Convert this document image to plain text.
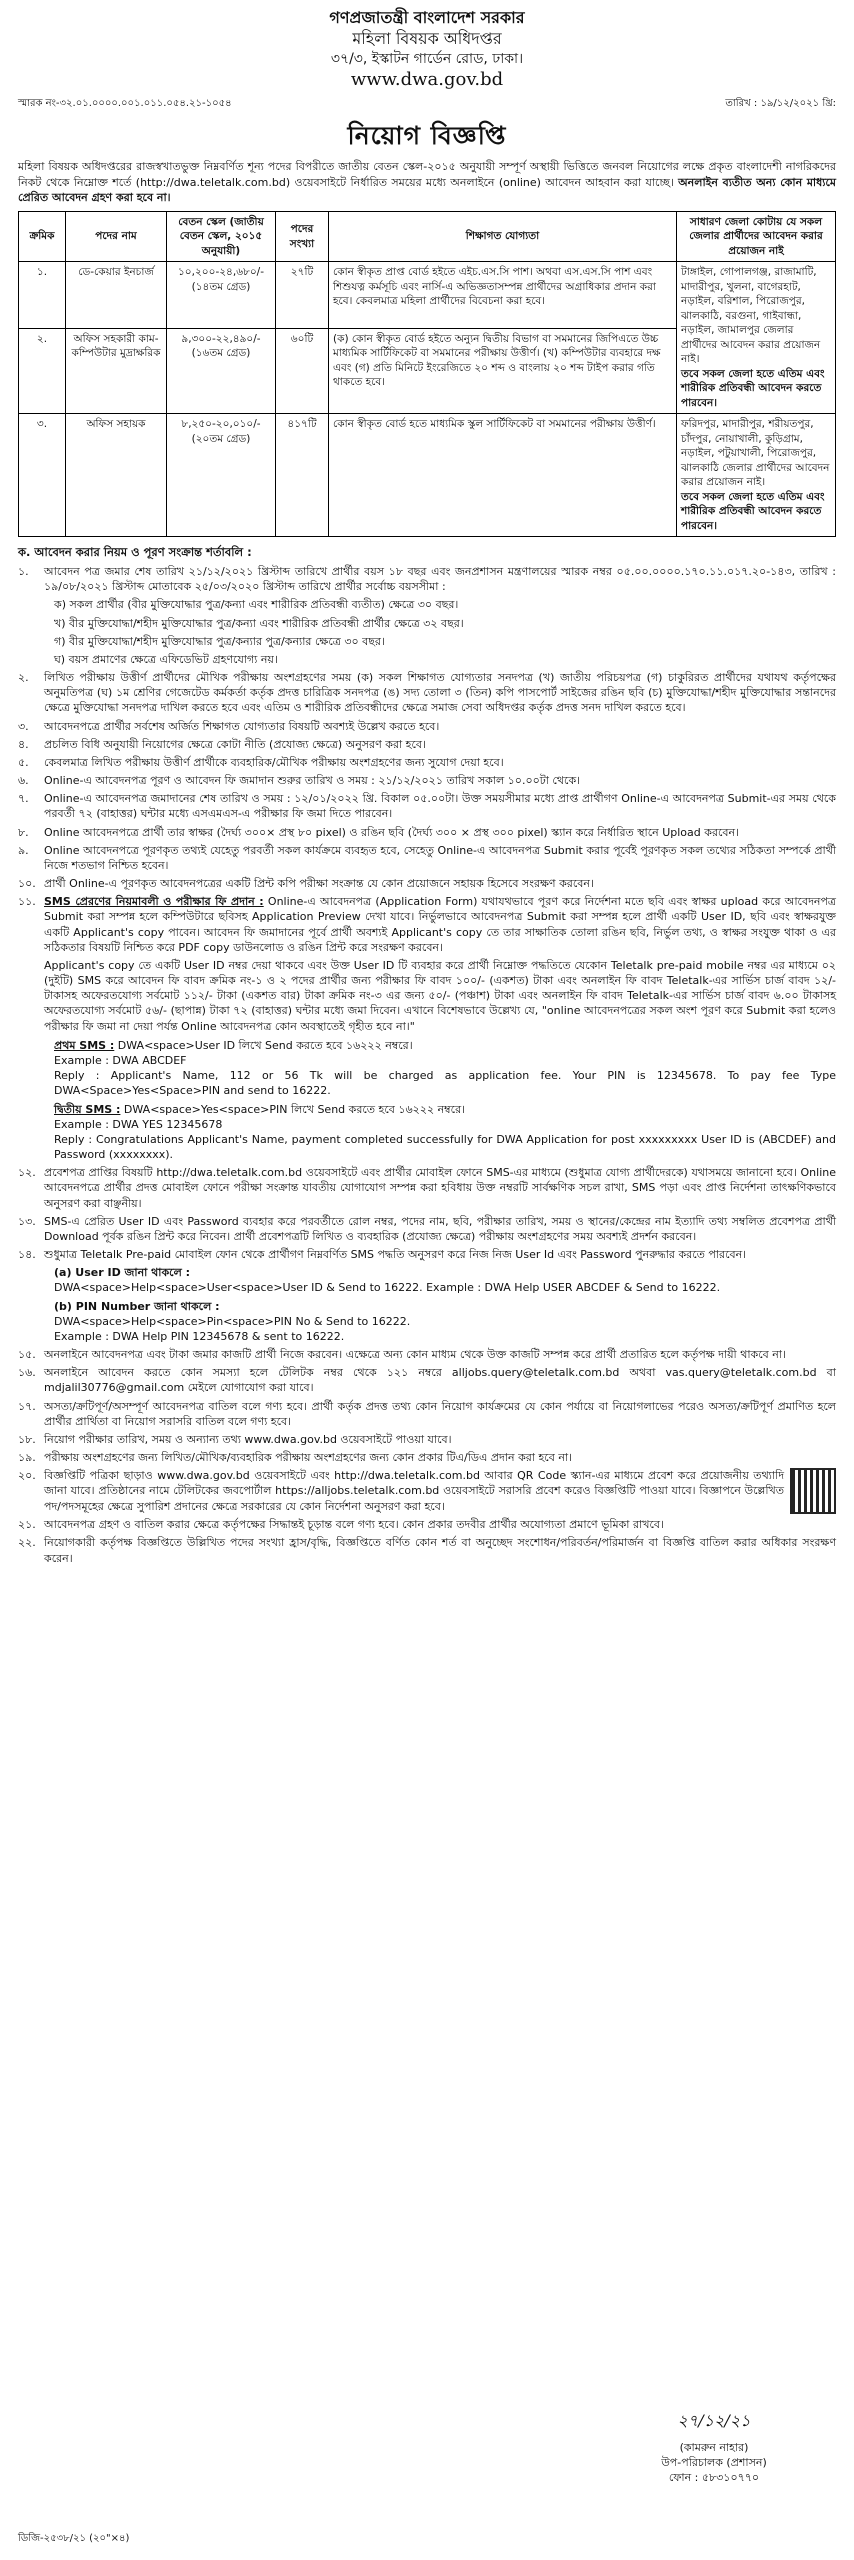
গণপ্রজাতন্ত্রী বাংলাদেশ সরকার
মহিলা বিষয়ক অধিদপ্তর
৩৭/৩, ইস্কাটন গার্ডেন রোড, ঢাকা।
www.dwa.gov.bd
স্মারক নং-৩২.০১.০০০০.০০১.০১১.০৫৪.২১-১০৫৪	তারিখ : ১৯/১২/২০২১ খ্রি:
নিয়োগ বিজ্ঞপ্তি
মহিলা বিষয়ক অধিদপ্তরের রাজস্বখাতভুক্ত নিম্নবর্ণিত শূন্য পদের বিপরীতে জাতীয় বেতন স্কেল-২০১৫ অনুযায়ী সম্পূর্ণ অস্থায়ী ভিত্তিতে জনবল নিয়োগের লক্ষে প্রকৃত বাংলাদেশী নাগরিকদের নিকট থেকে নিম্নোক্ত শর্তে (http://dwa.teletalk.com.bd) ওয়েবসাইটে নির্ধারিত সময়ের মধ্যে অনলাইনে (online) আবেদন আহবান করা যাচ্ছে। অনলাইন ব্যতীত অন্য কোন মাধ্যমে প্রেরিত আবেদন গ্রহণ করা হবে না।
ক্রমিক	পদের নাম	বেতন স্কেল (জাতীয় বেতন স্কেল, ২০১৫ অনুযায়ী)	পদের সংখ্যা	শিক্ষাগত যোগ্যতা	সাধারণ জেলা কোটায় যে সকল জেলার প্রার্থীদের আবেদন করার প্রয়োজন নাই
১.	ডে-কেয়ার ইনচার্জ	১০,২০০-২৪,৬৮০/- (১৪তম গ্রেড)	২৭টি	কোন স্বীকৃত প্রাপ্ত বোর্ড হইতে এইচ.এস.সি পাশ। অথবা এস.এস.সি পাশ এবং শিশুযত্ন কর্মসূচি এবং নার্সি-এ অভিজ্ঞতাসম্পন্ন প্রার্থীদের অগ্রাধিকার প্রদান করা হবে। কেবলমাত্র মহিলা প্রার্থীদের বিবেচনা করা হবে।	টাঙ্গাইল, গোপালগঞ্জ, রাজামাটি, মাদারীপুর, খুলনা, বাগেরহাট, নড়াইল, বরিশাল, পিরোজপুর, ঝালকাঠি, বরগুনা, গাইবান্ধা, নড়াইল, জামালপুর জেলার প্রার্থীদের আবেদন করার প্রয়োজন নাই।
তবে সকল জেলা হতে এতিম এবং শারীরিক প্রতিবন্ধী আবেদন করতে পারবেন।

২.	অফিস সহকারী কাম-কম্পিউটার মুদ্রাক্ষরিক	৯,৩০০-২২,৪৯০/- (১৬তম গ্রেড)	৬০টি	(ক) কোন স্বীকৃত বোর্ড হইতে অন্যুন দ্বিতীয় বিভাগ বা সমমানের জিপিএতে উচ্চ মাধ্যমিক সার্টিফিকেট বা সমমানের পরীক্ষায় উত্তীর্ণ। (খ) কম্পিউটার ব্যবহারে দক্ষ এবং (গ) প্রতি মিনিটে ইংরেজিতে ২০ শব্দ ও বাংলায় ২০ শব্দ টাইপ করার গতি থাকতে হবে।	
৩.	অফিস সহায়ক	৮,২৫০-২০,০১০/- (২০তম গ্রেড)	৪১৭টি	কোন স্বীকৃত বোর্ড হতে মাধ্যমিক স্কুল সার্টিফিকেট বা সমমানের পরীক্ষায় উত্তীর্ণ।	ফরিদপুর, মাদারীপুর, শরীয়তপুর, চাঁদপুর, নোয়াখালী, কুড়িগ্রাম, নড়াইল, পটুয়াখালী, পিরোজপুর, ঝালকাঠি জেলার প্রার্থীদের আবেদন করার প্রয়োজন নাই।
তবে সকল জেলা হতে এতিম এবং শারীরিক প্রতিবন্ধী আবেদন করতে পারবেন।
ক. আবেদন করার নিয়ম ও পূরণ সংক্রান্ত শর্তাবলি :
১.	আবেদন পত্র জমার শেষ তারিখ ২১/১২/২০২১ খ্রিস্টাব্দ তারিখে প্রার্থীর বয়স ১৮ বছর এবং জনপ্রশাসন মন্ত্রণালয়ের স্মারক নম্বর ০৫.০০.০০০০.১৭০.১১.০১৭.২০-১৪৩, তারিখ : ১৯/০৮/২০২১ খ্রিস্টাব্দ মোতাবেক ২৫/০৩/২০২০ খ্রিস্টাব্দ তারিখে প্রার্থীর সর্বোচ্চ বয়সসীমা :
ক) সকল প্রার্থীর (বীর মুক্তিযোদ্ধার পুত্র/কন্যা এবং শারীরিক প্রতিবন্ধী ব্যতীত) ক্ষেত্রে ৩০ বছর।
খ) বীর মুক্তিযোদ্ধা/শহীদ মুক্তিযোদ্ধার পুত্র/কন্যা এবং শারীরিক প্রতিবন্ধী প্রার্থীর ক্ষেত্রে ৩২ বছর।
গ) বীর মুক্তিযোদ্ধা/শহীদ মুক্তিযোদ্ধার পুত্র/কন্যার পুত্র/কন্যার ক্ষেত্রে ৩০ বছর।
ঘ) বয়স প্রমাণের ক্ষেত্রে এফিডেভিট গ্রহণযোগ্য নয়।
২.	লিখিত পরীক্ষায় উত্তীর্ণ প্রার্থীদের মৌখিক পরীক্ষায় অংশগ্রহণের সময় (ক) সকল শিক্ষাগত যোগ্যতার সনদপত্র (খ) জাতীয় পরিচয়পত্র (গ) চাকুরিরত প্রার্থীদের যথাযথ কর্তৃপক্ষের অনুমতিপত্র (ঘ) ১ম শ্রেণির গেজেটেড কর্মকর্তা কর্তৃক প্রদত্ত চারিত্রিক সনদপত্র (ঙ) সদ্য তোলা ৩ (তিন) কপি পাসপোর্ট সাইজের রঙিন ছবি (চ) মুক্তিযোদ্ধা/শহীদ মুক্তিযোদ্ধার সন্তানদের ক্ষেত্রে মুক্তিযোদ্ধা সনদপত্র দাখিল করতে হবে এবং এতিম ও শারীরিক প্রতিবন্ধীদের ক্ষেত্রে সমাজ সেবা অধিদপ্তর কর্তৃক প্রদত্ত সনদ দাখিল করতে হবে।
৩.	আবেদনপত্রে প্রার্থীর সর্বশেষ অর্জিত শিক্ষাগত যোগ্যতার বিষয়টি অবশ্যই উল্লেখ করতে হবে।
৪.	প্রচলিত বিধি অনুযায়ী নিয়োগের ক্ষেত্রে কোটা নীতি (প্রযোজ্য ক্ষেত্রে) অনুসরণ করা হবে।
৫.	কেবলমাত্র লিখিত পরীক্ষায় উত্তীর্ণ প্রার্থীকে ব্যবহারিক/মৌখিক পরীক্ষায় অংশগ্রহণের জন্য সুযোগ দেয়া হবে।
৬.	Online-এ আবেদনপত্র পূরণ ও আবেদন ফি জমাদান শুরুর তারিখ ও সময় : ২১/১২/২০২১ তারিখ সকাল ১০.০০টা থেকে।
৭.	Online-এ আবেদনপত্র জমাদানের শেষ তারিখ ও সময় : ১২/০১/২০২২ খ্রি. বিকাল ০৫.০০টা। উক্ত সময়সীমার মধ্যে প্রাপ্ত প্রার্থীগণ Online-এ আবেদনপত্র Submit-এর সময় থেকে পরবর্তী ৭২ (বাহাত্তর) ঘন্টার মধ্যে এসএমএস-এ পরীক্ষার ফি জমা দিতে পারবেন।
৮.	Online আবেদনপত্রে প্রার্থী তার স্বাক্ষর (দৈর্ঘ্য ৩০০× প্রস্থ ৮০ pixel) ও রঙিন ছবি (দৈর্ঘ্য ৩০০ × প্রস্থ ৩০০ pixel) স্ক্যান করে নির্ধারিত স্থানে Upload করবেন।
৯.	Online আবেদনপত্রে পূরণকৃত তথ্যই যেহেতু পরবর্তী সকল কার্যক্রমে ব্যবহৃত হবে, সেহেতু Online-এ আবেদনপত্র Submit করার পূর্বেই পূরণকৃত সকল তথ্যের সঠিকতা সম্পর্কে প্রার্থী নিজে শতভাগ নিশ্চিত হবেন।
১০. প্রার্থী Online-এ পূরণকৃত আবেদনপত্রের একটি প্রিন্ট কপি পরীক্ষা সংক্রান্ত যে কোন প্রয়োজনে সহায়ক হিসেবে সংরক্ষণ করবেন।
১১. SMS প্রেরণের নিয়মাবলী ও পরীক্ষার ফি প্রদান : Online-এ আবেদনপত্র (Application Form) যথাযথভাবে পূরণ করে নির্দেশনা মতে ছবি এবং স্বাক্ষর upload করে আবেদনপত্র Submit করা সম্পন্ন হলে কম্পিউটারে ছবিসহ Application Preview দেখা যাবে। নির্ভুলভাবে আবেদনপত্র Submit করা সম্পন্ন হলে প্রার্থী একটি User ID, ছবি এবং স্বাক্ষরযুক্ত একটি Applicant's copy পাবেন। আবেদন ফি জমাদানের পূর্বে প্রার্থী অবশ্যই Applicant's copy তে তার সাক্ষাতিক তোলা রঙিন ছবি, নির্ভুল তথ্য, ও স্বাক্ষর সংযুক্ত থাকা ও এর সঠিকতার বিষয়টি নিশ্চিত করে PDF copy ডাউনলোড ও রঙিন প্রিন্ট করে সংরক্ষণ করবেন।
Applicant's copy তে একটি User ID নম্বর দেয়া থাকবে এবং উক্ত User ID টি ব্যবহার করে প্রার্থী নিম্নোক্ত পদ্ধতিতে যেকোন Teletalk pre-paid mobile নম্বর এর মাধ্যমে ০২ (দুইটি) SMS করে আবেদন ফি বাবদ ক্রমিক নং-১ ও ২ পদের প্রার্থীর জন্য পরীক্ষার ফি বাবদ ১০০/- (একশত) টাকা এবং অনলাইন ফি বাবদ Teletalk-এর সার্ভিস চার্জ বাবদ ১২/- টাকাসহ অফেরতযোগ্য সর্বমোট ১১২/- টাকা (একশত বার) টাকা ক্রমিক নং-৩ এর জন্য ৫০/- (পঞ্চাশ) টাকা এবং অনলাইন ফি বাবদ Teletalk-এর সার্ভিস চার্জ বাবদ ৬.০০ টাকাসহ অফেরতযোগ্য সর্বমোট ৫৬/- (ছাপান্ন) টাকা ৭২ (বাহাত্তর) ঘন্টার মধ্যে জমা দিবেন। এখানে বিশেষভাবে উল্লেখ্য যে, "online আবেদনপত্রের সকল অংশ পূরণ করে Submit করা হলেও পরীক্ষার ফি জমা না দেয়া পর্যন্ত Online আবেদনপত্র কোন অবস্থাতেই গৃহীত হবে না।"
প্রথম SMS : DWA<space>User ID লিখে Send করতে হবে ১৬২২২ নম্বরে।
Example : DWA ABCDEF
Reply : Applicant's Name, 112 or 56 Tk will be charged as application fee. Your PIN is 12345678. To pay fee Type DWA<Space>Yes<Space>PIN and send to 16222.
দ্বিতীয় SMS : DWA<space>Yes<space>PIN লিখে Send করতে হবে ১৬২২২ নম্বরে।
Example : DWA YES 12345678
Reply : Congratulations Applicant's Name, payment completed successfully for DWA Application for post xxxxxxxxx User ID is (ABCDEF) and Password (xxxxxxxx).
১২. প্রবেশপত্র প্রাপ্তির বিষয়টি http://dwa.teletalk.com.bd ওয়েবসাইটে এবং প্রার্থীর মোবাইল ফোনে SMS-এর মাধ্যমে (শুধুমাত্র যোগ্য প্রার্থীদেরকে) যথাসময়ে জানানো হবে। Online আবেদনপত্রে প্রার্থীর প্রদত্ত মোবাইল ফোনে পরীক্ষা সংক্রান্ত যাবতীয় যোগাযোগ সম্পন্ন করা হবিধায় উক্ত নম্বরটি সার্বক্ষণিক সচল রাখা, SMS পড়া এবং প্রাপ্ত নির্দেশনা তাৎক্ষণিকভাবে অনুসরণ করা বাঞ্ছনীয়।
১৩. SMS-এ প্রেরিত User ID এবং Password ব্যবহার করে পরবর্তীতে রোল নম্বর, পদের নাম, ছবি, পরীক্ষার তারিখ, সময় ও স্থানের/কেন্দ্রের নাম ইত্যাদি তথ্য সম্বলিত প্রবেশপত্র প্রার্থী Download পূর্বক রঙিন প্রিন্ট করে নিবেন। প্রার্থী প্রবেশপত্রটি লিখিত ও ব্যবহারিক (প্রযোজ্য ক্ষেত্রে) পরীক্ষায় অংশগ্রহণের সময় অবশ্যই প্রদর্শন করবেন।
১৪. শুধুমাত্র Teletalk Pre-paid মোবাইল ফোন থেকে প্রার্থীগণ নিম্নবর্ণিত SMS পদ্ধতি অনুসরণ করে নিজ নিজ User Id এবং Password পুনরুদ্ধার করতে পারবেন।
(a) User ID জানা থাকলে :
DWA<space>Help<space>User<space>User ID & Send to 16222. Example : DWA Help USER ABCDEF & Send to 16222.
(b) PIN Number জানা থাকলে :
DWA<space>Help<space>Pin<space>PIN No & Send to 16222.
Example : DWA Help PIN 12345678 & sent to 16222.
১৫. অনলাইনে আবেদনপত্র এবং টাকা জমার কাজটি প্রার্থী নিজে করবেন। এক্ষেত্রে অন্য কোন মাধ্যম থেকে উক্ত কাজটি সম্পন্ন করে প্রার্থী প্রতারিত হলে কর্তৃপক্ষ দায়ী থাকবে না।
১৬. অনলাইনে আবেদন করতে কোন সমস্যা হলে টেলিটক নম্বর থেকে ১২১ নম্বরে alljobs.query@teletalk.com.bd অথবা vas.query@teletalk.com.bd বা mdjalil30776@gmail.com মেইলে যোগাযোগ করা যাবে।
১৭. অসত্য/ক্রটিপূর্ণ/অসম্পূর্ণ আবেদনপত্র বাতিল বলে গণ্য হবে। প্রার্থী কর্তৃক প্রদত্ত তথ্য কোন নিয়োগ কার্যক্রমের যে কোন পর্যায়ে বা নিয়োগলাভের পরেও অসত্য/ক্রটিপূর্ণ প্রমাণিত হলে প্রার্থীর প্রার্থিতা বা নিয়োগ সরাসরি বাতিল বলে গণ্য হবে।
১৮. নিয়োগ পরীক্ষার তারিখ, সময় ও অন্যান্য তথ্য www.dwa.gov.bd ওয়েবসাইটে পাওয়া যাবে।
১৯. পরীক্ষায় অংশগ্রহণের জন্য লিখিত/মৌখিক/ব্যবহারিক পরীক্ষায় অংশগ্রহণের জন্য কোন প্রকার টিএ/ডিএ প্রদান করা হবে না।
২০. বিজ্ঞপ্তিটি পত্রিকা ছাড়াও www.dwa.gov.bd ওয়েবসাইটে এবং http://dwa.teletalk.com.bd আবার QR Code স্ক্যান-এর মাধ্যমে প্রবেশ করে প্রয়োজনীয় তথ্যাদি জানা যাবে। প্রতিষ্ঠানের নামে টেলিটকের জবপোর্টাল https://alljobs.teletalk.com.bd ওয়েবসাইটে সরাসরি প্রবেশ করেও বিজ্ঞপ্তিটি পাওয়া যাবে। বিজ্ঞাপনে উল্লেখিত পদ/পদসমূহের ক্ষেত্রে সুপারিশ প্রদানের ক্ষেত্রে সরকারের যে কোন নির্দেশনা অনুসরণ করা হবে।
২১. আবেদনপত্র গ্রহণ ও বাতিল করার ক্ষেত্রে কর্তৃপক্ষের সিদ্ধান্তই চূড়ান্ত বলে গণ্য হবে। কোন প্রকার তদবীর প্রার্থীর অযোগ্যতা প্রমাণে ভূমিকা রাখবে।
২২. নিয়োগকারী কর্তৃপক্ষ বিজ্ঞপ্তিতে উল্লিখিত পদের সংখ্যা হ্রাস/বৃদ্ধি, বিজ্ঞপ্তিতে বর্ণিত কোন শর্ত বা অনুচ্ছেদ সংশোধন/পরিবর্তন/পরিমার্জন বা বিজ্ঞপ্তি বাতিল করার অধিকার সংরক্ষণ করেন।
২৭/১২/২১
(কামরুন নাহার)
উপ-পরিচালক (প্রশাসন)
ফোন : ৫৮৩১০৭৭০
ডিজি-২৫৩৮/২১ (২০"×৪)
